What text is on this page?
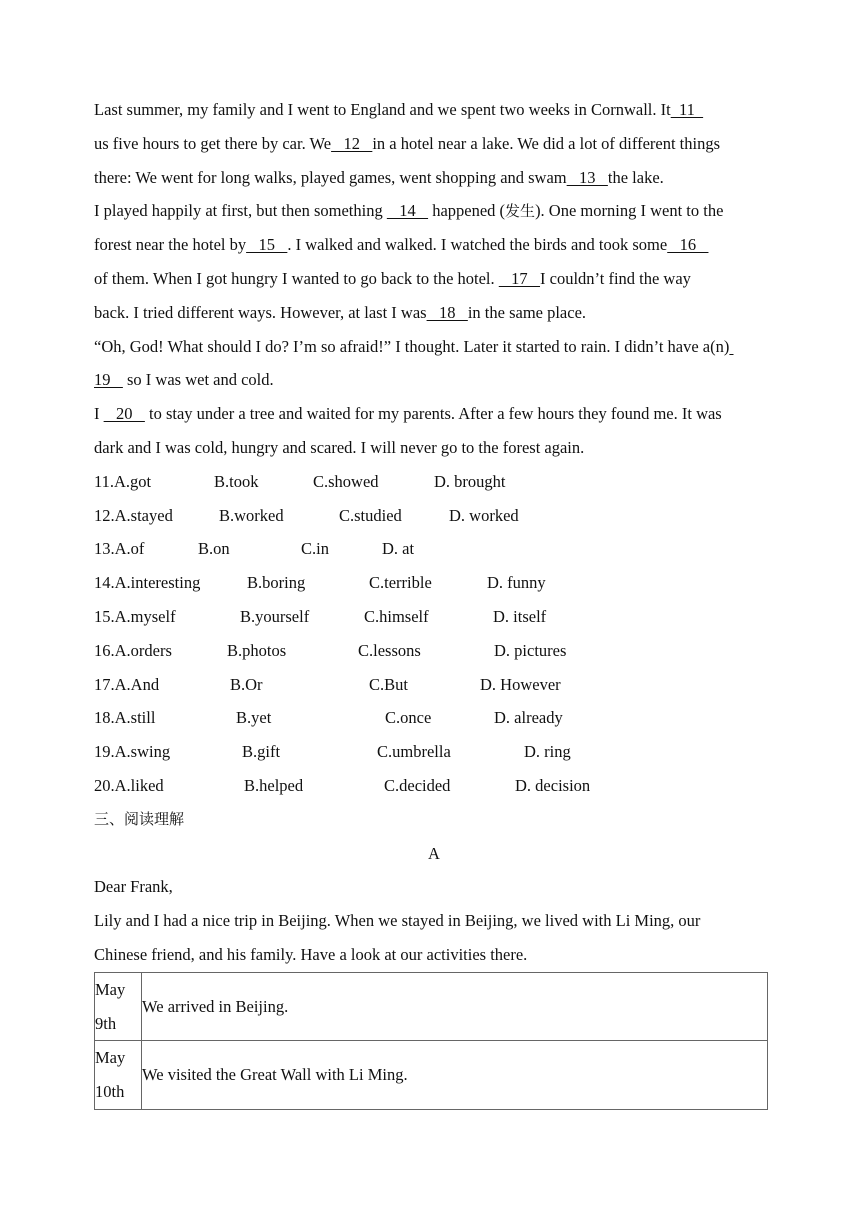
Last summer, my family and I went to England and we spent two weeks in Cornwall. It  11
us five hours to get there by car. We   12   in a hotel near a lake. We did a lot of different things
there: We went for long walks, played games, went shopping and swam   13   the lake.
I played happily at first, but then something    14    happened (发生). One morning I went to the
forest near the hotel by   15   . I walked and walked. I watched the birds and took some   16
of them. When I got hungry I wanted to go back to the hotel.    17   I couldn’t find the way
back. I tried different ways. However, at last I was   18   in the same place.
“Oh, God! What should I do? I’m so afraid!” I thought. Later it started to rain. I didn’t have a(n)
19    so I was wet and cold.
I    20    to stay under a tree and waited for my parents. After a few hours they found me. It was
dark and I was cold, hungry and scared. I will never go to the forest again.
11.A.got	B.took	C.showed	D. brought
12.A.stayed	B.worked	C.studied	D. worked
13.A.of	B.on	C.in	D. at
14.A.interesting	B.boring	C.terrible	D. funny
15.A.myself	B.yourself	C.himself	D. itself
16.A.orders	B.photos	C.lessons	D. pictures
17.A.And	B.Or	C.But	D. However
18.A.still	B.yet	C.once	D. already
19.A.swing	B.gift	C.umbrella	D. ring
20.A.liked	B.helped	C.decided	D. decision
三、阅读理解
A
Dear Frank,
Lily and I had a nice trip in Beijing. When we stayed in Beijing, we lived with Li Ming, our
Chinese friend, and his family. Have a look at our activities there.
May
9th	We arrived in Beijing.

May
10th	We visited the Great Wall with Li Ming.
